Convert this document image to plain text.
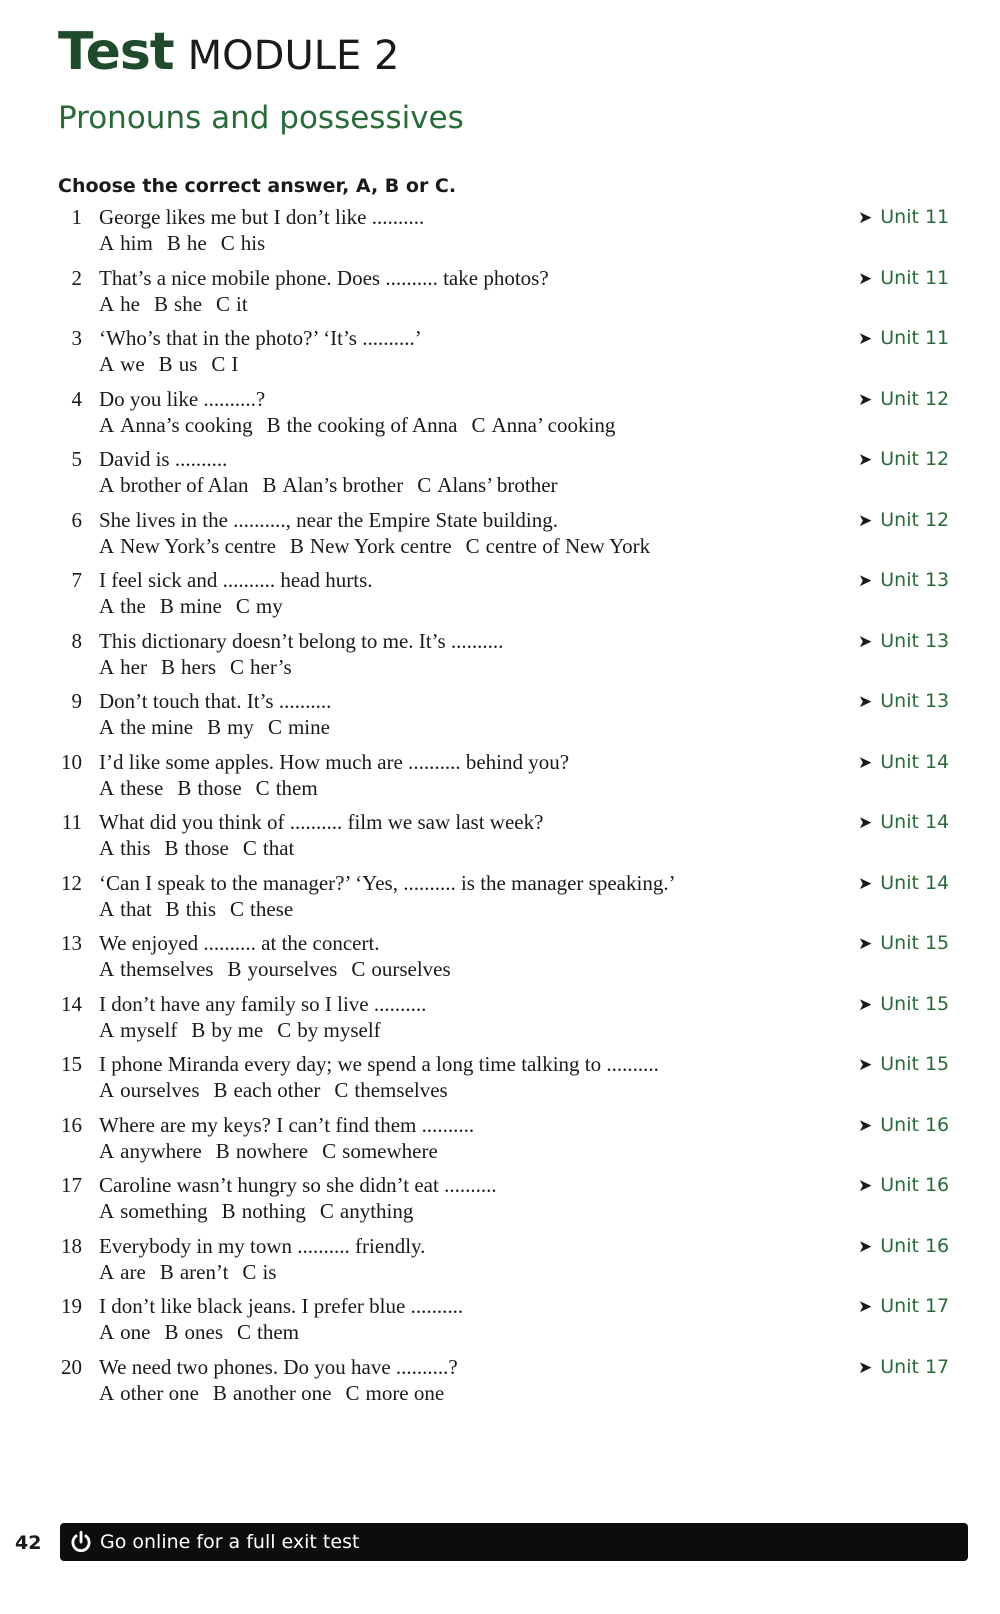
Test MODULE 2
Pronouns and possessives
Choose the correct answer, A, B or C.
1 George likes me but I don’t like ..........
A him B he C his
➤ Unit 11
2 That’s a nice mobile phone. Does .......... take photos?
A he B she C it
➤ Unit 11
3 ‘Who’s that in the photo?’ ‘It’s ..........’
A we B us C I
➤ Unit 11
4 Do you like ..........?
A Anna’s cooking B the cooking of Anna C Anna’ cooking
➤ Unit 12
5 David is ..........
A brother of Alan B Alan’s brother C Alans’ brother
➤ Unit 12
6 She lives in the .........., near the Empire State building.
A New York’s centre B New York centre C centre of New York
➤ Unit 12
7 I feel sick and .......... head hurts.
A the B mine C my
➤ Unit 13
8 This dictionary doesn’t belong to me. It’s ..........
A her B hers C her’s
➤ Unit 13
9 Don’t touch that. It’s ..........
A the mine B my C mine
➤ Unit 13
10 I’d like some apples. How much are .......... behind you?
A these B those C them
➤ Unit 14
11 What did you think of .......... film we saw last week?
A this B those C that
➤ Unit 14
12 ‘Can I speak to the manager?’ ‘Yes, .......... is the manager speaking.’
A that B this C these
➤ Unit 14
13 We enjoyed .......... at the concert.
A themselves B yourselves C ourselves
➤ Unit 15
14 I don’t have any family so I live ..........
A myself B by me C by myself
➤ Unit 15
15 I phone Miranda every day; we spend a long time talking to ..........
A ourselves B each other C themselves
➤ Unit 15
16 Where are my keys? I can’t find them ..........
A anywhere B nowhere C somewhere
➤ Unit 16
17 Caroline wasn’t hungry so she didn’t eat ..........
A something B nothing C anything
➤ Unit 16
18 Everybody in my town .......... friendly.
A are B aren’t C is
➤ Unit 16
19 I don’t like black jeans. I prefer blue ..........
A one B ones C them
➤ Unit 17
20 We need two phones. Do you have ..........?
A other one B another one C more one
➤ Unit 17
42	Go online for a full exit test
